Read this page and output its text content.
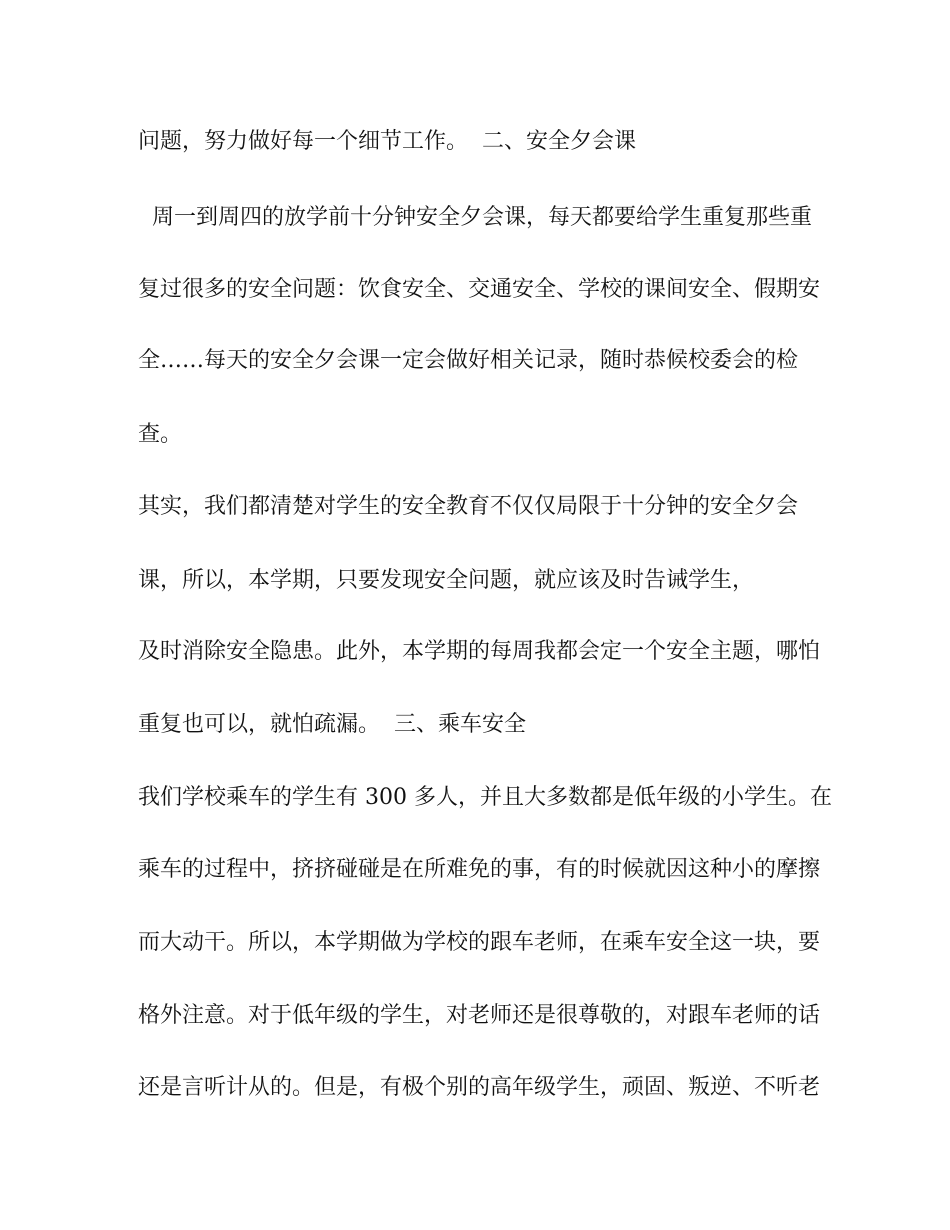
问题，努力做好每一个细节工作。  二、安全夕会课
周一到周四的放学前十分钟安全夕会课，每天都要给学生重复那些重
复过很多的安全问题：饮食安全、交通安全、学校的课间安全、假期安
全……每天的安全夕会课一定会做好相关记录，随时恭候校委会的检
查。
其实，我们都清楚对学生的安全教育不仅仅局限于十分钟的安全夕会
课，所以，本学期，只要发现安全问题，就应该及时告诫学生，
及时消除安全隐患。此外，本学期的每周我都会定一个安全主题，哪怕
重复也可以，就怕疏漏。  三、乘车安全
我们学校乘车的学生有 300 多人，并且大多数都是低年级的小学生。在
乘车的过程中，挤挤碰碰是在所难免的事，有的时候就因这种小的摩擦
而大动干。所以，本学期做为学校的跟车老师，在乘车安全这一块，要
格外注意。对于低年级的学生，对老师还是很尊敬的，对跟车老师的话
还是言听计从的。但是，有极个别的高年级学生，顽固、叛逆、不听老
